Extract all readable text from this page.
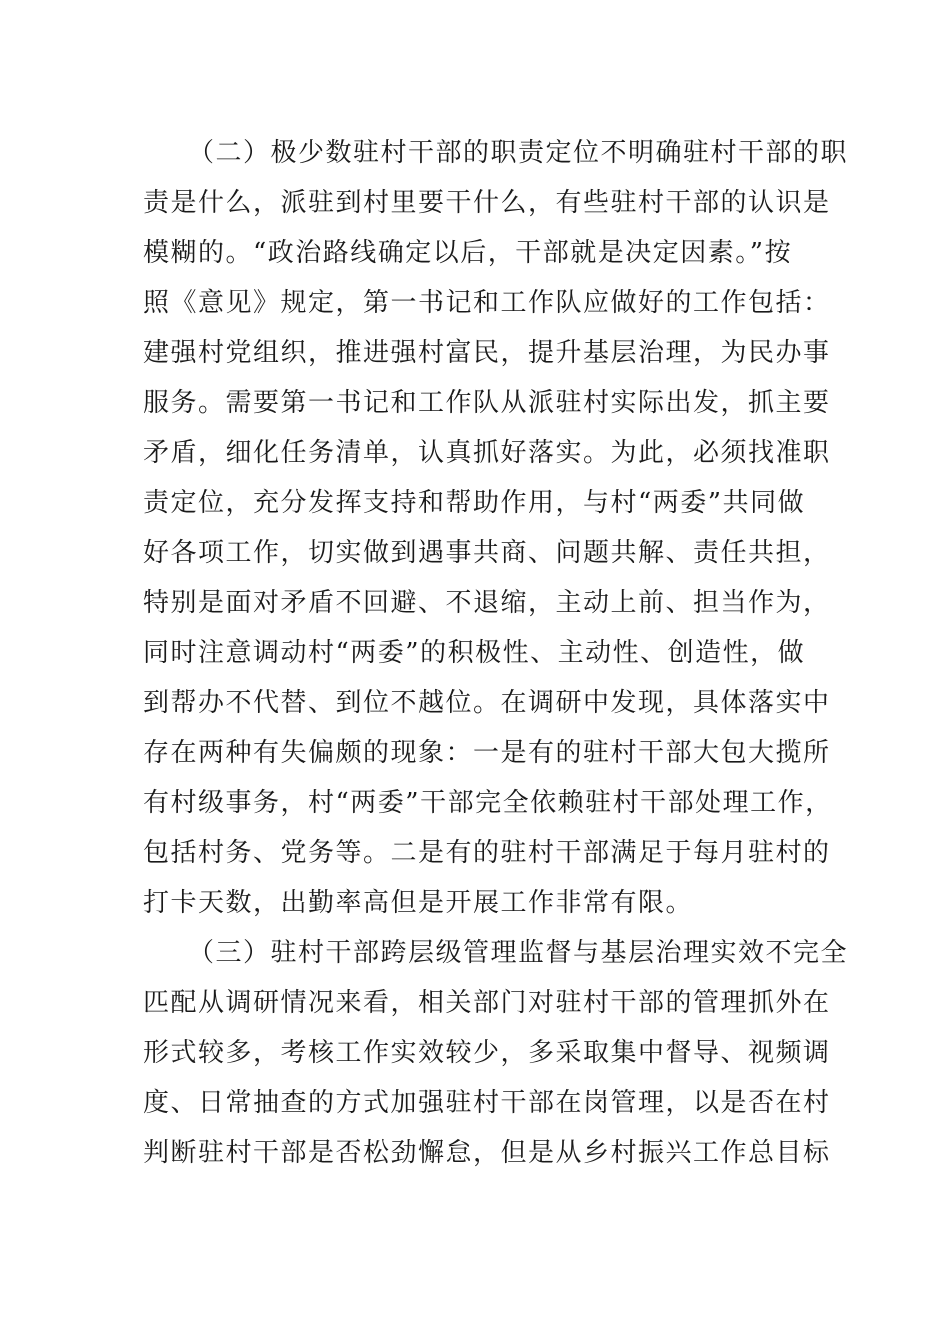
（二）极少数驻村干部的职责定位不明确驻村干部的职
责是什么，派驻到村里要干什么，有些驻村干部的认识是
模糊的。“政治路线确定以后，干部就是决定因素。”按
照《意见》规定，第一书记和工作队应做好的工作包括：
建强村党组织，推进强村富民，提升基层治理，为民办事
服务。需要第一书记和工作队从派驻村实际出发，抓主要
矛盾，细化任务清单，认真抓好落实。为此，必须找准职
责定位，充分发挥支持和帮助作用，与村“两委”共同做
好各项工作，切实做到遇事共商、问题共解、责任共担，
特别是面对矛盾不回避、不退缩，主动上前、担当作为，
同时注意调动村“两委”的积极性、主动性、创造性，做
到帮办不代替、到位不越位。在调研中发现，具体落实中
存在两种有失偏颇的现象：一是有的驻村干部大包大揽所
有村级事务，村“两委”干部完全依赖驻村干部处理工作，
包括村务、党务等。二是有的驻村干部满足于每月驻村的
打卡天数，出勤率高但是开展工作非常有限。
（三）驻村干部跨层级管理监督与基层治理实效不完全
匹配从调研情况来看，相关部门对驻村干部的管理抓外在
形式较多，考核工作实效较少，多采取集中督导、视频调
度、日常抽查的方式加强驻村干部在岗管理，以是否在村
判断驻村干部是否松劲懈怠，但是从乡村振兴工作总目标
